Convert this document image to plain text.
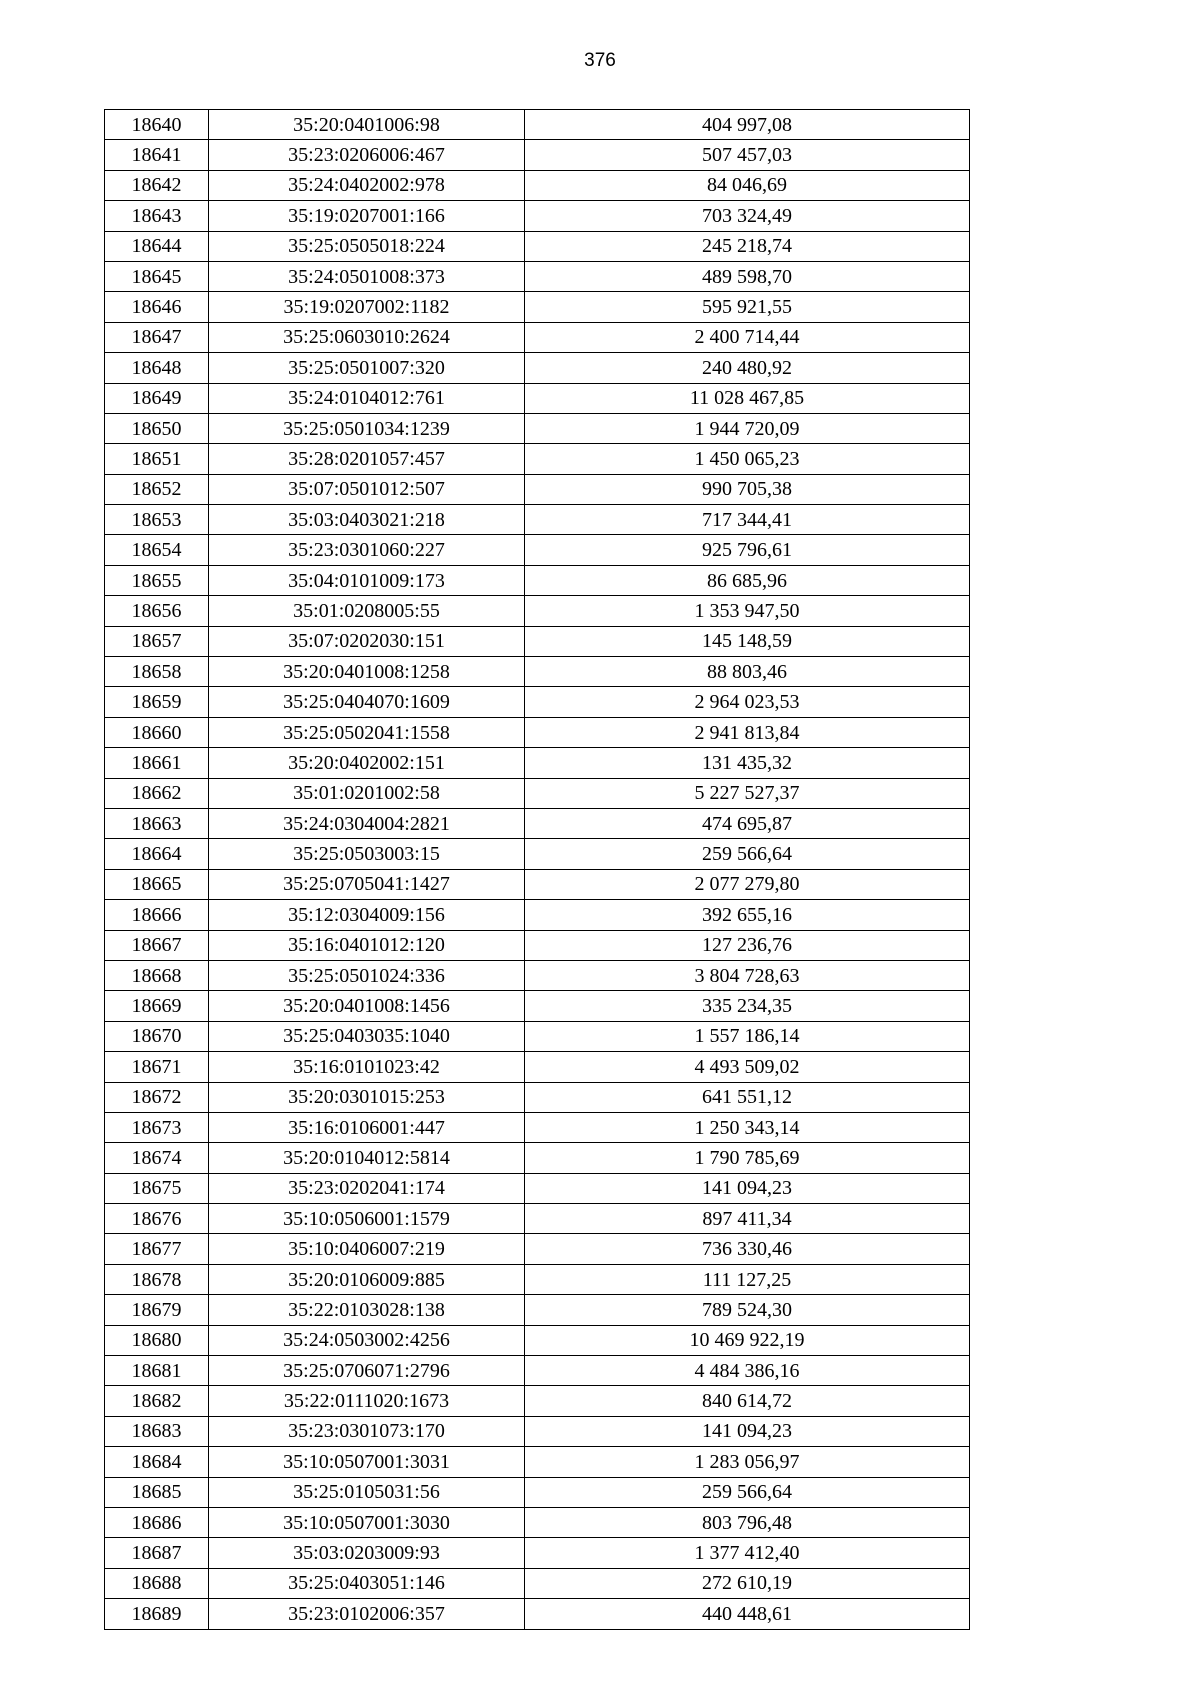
376
18640	35:20:0401006:98	404 997,08
18641	35:23:0206006:467	507 457,03
18642	35:24:0402002:978	84 046,69
18643	35:19:0207001:166	703 324,49
18644	35:25:0505018:224	245 218,74
18645	35:24:0501008:373	489 598,70
18646	35:19:0207002:1182	595 921,55
18647	35:25:0603010:2624	2 400 714,44
18648	35:25:0501007:320	240 480,92
18649	35:24:0104012:761	11 028 467,85
18650	35:25:0501034:1239	1 944 720,09
18651	35:28:0201057:457	1 450 065,23
18652	35:07:0501012:507	990 705,38
18653	35:03:0403021:218	717 344,41
18654	35:23:0301060:227	925 796,61
18655	35:04:0101009:173	86 685,96
18656	35:01:0208005:55	1 353 947,50
18657	35:07:0202030:151	145 148,59
18658	35:20:0401008:1258	88 803,46
18659	35:25:0404070:1609	2 964 023,53
18660	35:25:0502041:1558	2 941 813,84
18661	35:20:0402002:151	131 435,32
18662	35:01:0201002:58	5 227 527,37
18663	35:24:0304004:2821	474 695,87
18664	35:25:0503003:15	259 566,64
18665	35:25:0705041:1427	2 077 279,80
18666	35:12:0304009:156	392 655,16
18667	35:16:0401012:120	127 236,76
18668	35:25:0501024:336	3 804 728,63
18669	35:20:0401008:1456	335 234,35
18670	35:25:0403035:1040	1 557 186,14
18671	35:16:0101023:42	4 493 509,02
18672	35:20:0301015:253	641 551,12
18673	35:16:0106001:447	1 250 343,14
18674	35:20:0104012:5814	1 790 785,69
18675	35:23:0202041:174	141 094,23
18676	35:10:0506001:1579	897 411,34
18677	35:10:0406007:219	736 330,46
18678	35:20:0106009:885	111 127,25
18679	35:22:0103028:138	789 524,30
18680	35:24:0503002:4256	10 469 922,19
18681	35:25:0706071:2796	4 484 386,16
18682	35:22:0111020:1673	840 614,72
18683	35:23:0301073:170	141 094,23
18684	35:10:0507001:3031	1 283 056,97
18685	35:25:0105031:56	259 566,64
18686	35:10:0507001:3030	803 796,48
18687	35:03:0203009:93	1 377 412,40
18688	35:25:0403051:146	272 610,19
18689	35:23:0102006:357	440 448,61
